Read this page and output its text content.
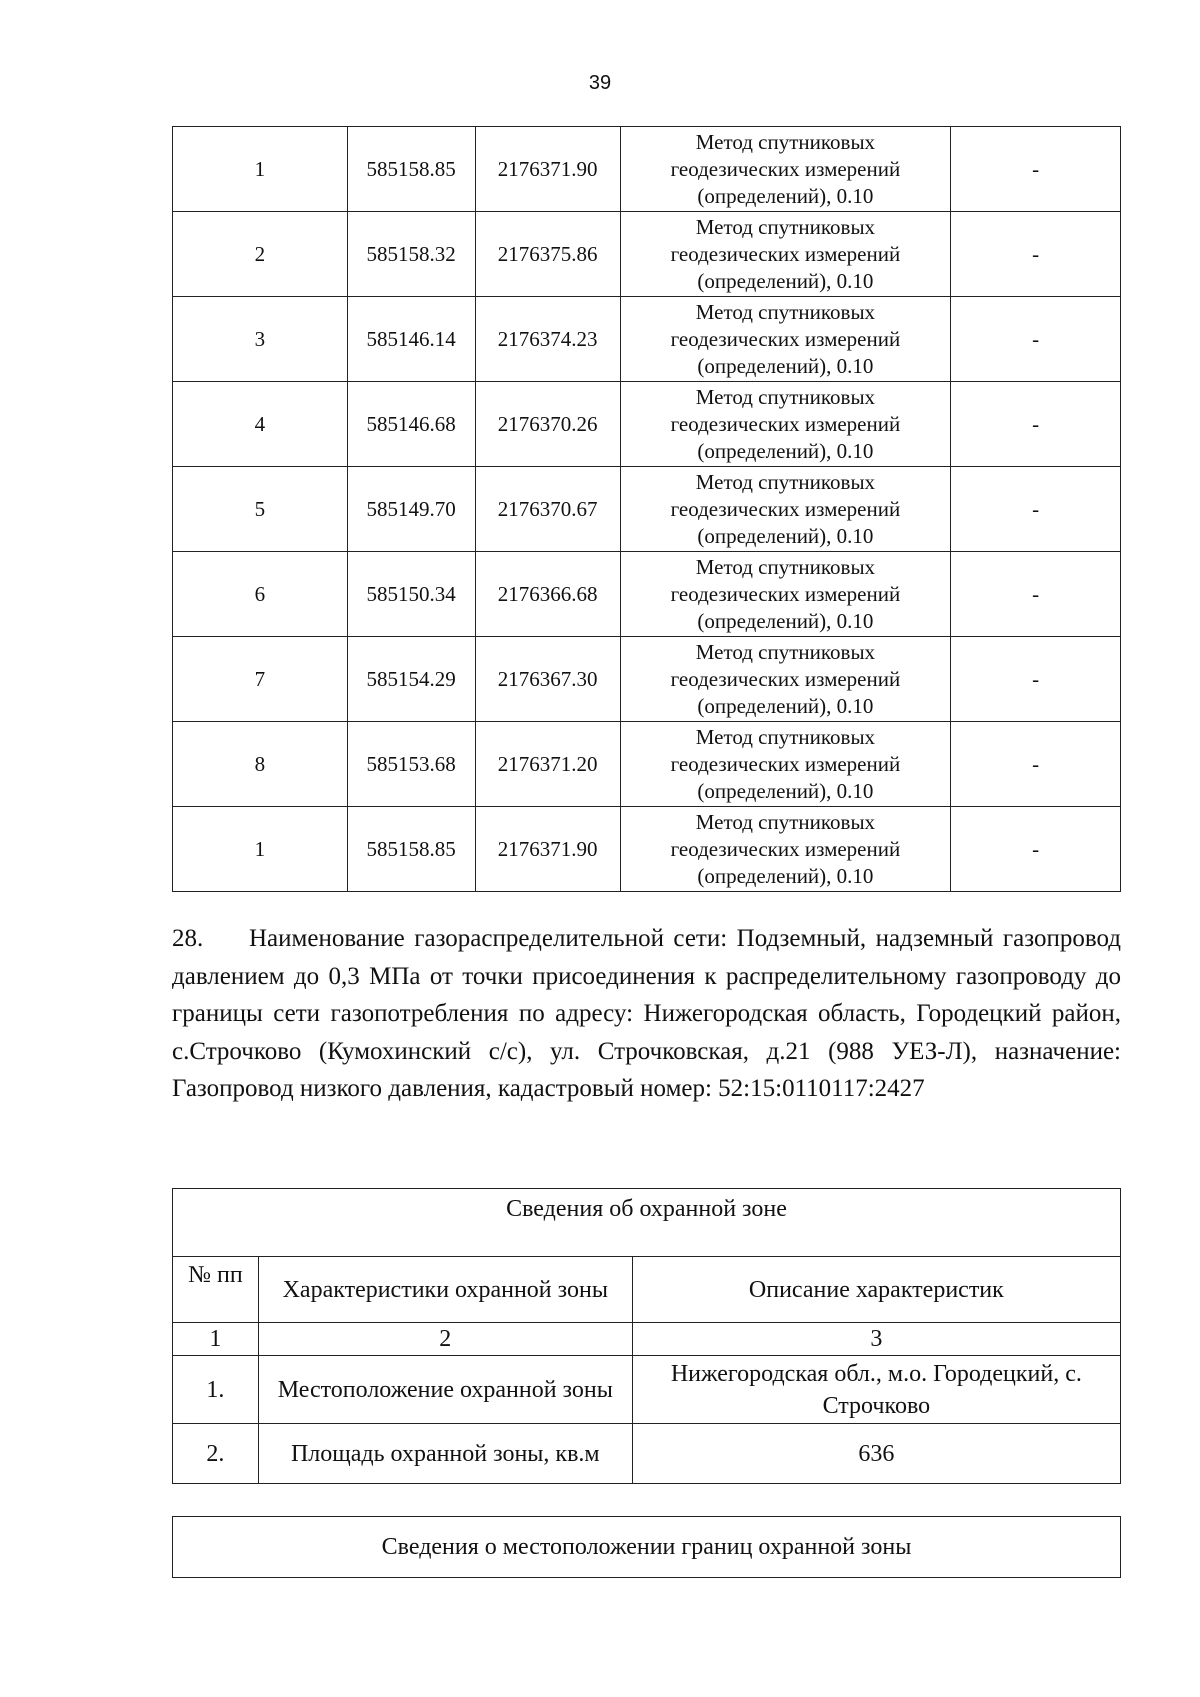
39
1	585158.85	2176371.90	Метод спутниковых
геодезических измерений
(определений), 0.10	-
2	585158.32	2176375.86	Метод спутниковых
геодезических измерений
(определений), 0.10	-
3	585146.14	2176374.23	Метод спутниковых
геодезических измерений
(определений), 0.10	-
4	585146.68	2176370.26	Метод спутниковых
геодезических измерений
(определений), 0.10	-
5	585149.70	2176370.67	Метод спутниковых
геодезических измерений
(определений), 0.10	-
6	585150.34	2176366.68	Метод спутниковых
геодезических измерений
(определений), 0.10	-
7	585154.29	2176367.30	Метод спутниковых
геодезических измерений
(определений), 0.10	-
8	585153.68	2176371.20	Метод спутниковых
геодезических измерений
(определений), 0.10	-
1	585158.85	2176371.90	Метод спутниковых
геодезических измерений
(определений), 0.10	-

28. Наименование газораспределительной сети: Подземный, надземный газопровод давлением до 0,3 МПа от точки присоединения к распределительному газопроводу до границы сети газопотребления по адресу: Нижегородская область, Городецкий район, с.Строчково (Кумохинский с/с), ул. Строчковская, д.21 (988 УЕЗ-Л), назначение: Газопровод низкого давления, кадастровый номер: 52:15:0110117:2427

Сведения об охранной зоне		
№ пп	Характеристики охранной зоны	Описание характеристик
1	2	3
1.	Местоположение охранной зоны	Нижегородская обл., м.о. Городецкий, с. Строчково
2.	Площадь охранной зоны, кв.м	636
Сведения о местоположении границ охранной зоны
